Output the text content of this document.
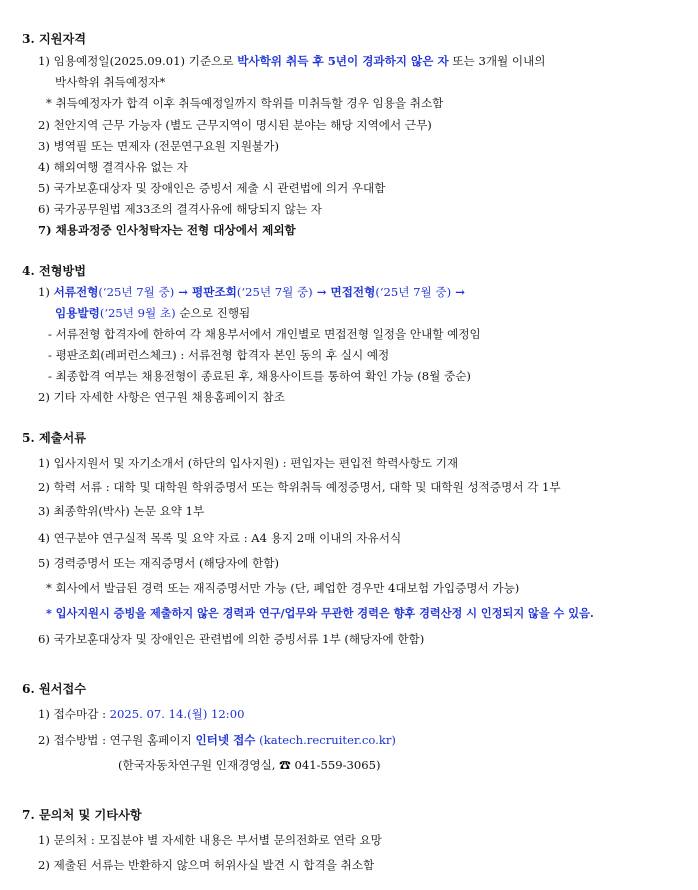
3. 지원자격
1) 임용예정일(2025.09.01) 기준으로 박사학위 취득 후 5년이 경과하지 않은 자 또는 3개월 이내의
박사학위 취득예정자*
* 취득예정자가 합격 이후 취득예정일까지 학위를 미취득할 경우 임용을 취소함
2) 천안지역 근무 가능자 (별도 근무지역이 명시된 분야는 해당 지역에서 근무)
3) 병역필 또는 면제자 (전문연구요원 지원불가)
4) 해외여행 결격사유 없는 자
5) 국가보훈대상자 및 장애인은 증빙서 제출 시 관련법에 의거 우대함
6) 국가공무원법 제33조의 결격사유에 해당되지 않는 자
7) 채용과정중 인사청탁자는 전형 대상에서 제외함
4. 전형방법
1) 서류전형(‘25년 7월 중) → 평판조회(‘25년 7월 중) → 면접전형(‘25년 7월 중) →
임용발령(‘25년 9월 초) 순으로 진행됨
- 서류전형 합격자에 한하여 각 채용부서에서 개인별로 면접전형 일정을 안내할 예정임
- 평판조회(레퍼런스체크) : 서류전형 합격자 본인 동의 후 실시 예정
- 최종합격 여부는 채용전형이 종료된 후, 채용사이트를 통하여 확인 가능 (8월 중순)
2) 기타 자세한 사항은 연구원 채용홈페이지 참조
5. 제출서류
1) 입사지원서 및 자기소개서 (하단의 입사지원) : 편입자는 편입전 학력사항도 기재
2) 학력 서류 : 대학 및 대학원 학위증명서 또는 학위취득 예정증명서, 대학 및 대학원 성적증명서 각 1부
3) 최종학위(박사) 논문 요약 1부
4) 연구분야 연구실적 목록 및 요약 자료 : A4 용지 2매 이내의 자유서식
5) 경력증명서 또는 재직증명서 (해당자에 한함)
* 회사에서 발급된 경력 또는 재직증명서만 가능 (단, 폐업한 경우만 4대보험 가입증명서 가능)
* 입사지원시 증빙을 제출하지 않은 경력과 연구/업무와 무관한 경력은 향후 경력산정 시 인정되지 않을 수 있음.
6) 국가보훈대상자 및 장애인은 관련법에 의한 증빙서류 1부 (해당자에 한함)
6. 원서접수
1) 접수마감 : 2025. 07. 14.(월) 12:00
2) 접수방법 : 연구원 홈페이지 인터넷 접수 (katech.recruiter.co.kr)
(한국자동차연구원 인재경영실, ☎ 041-559-3065)
7. 문의처 및 기타사항
1) 문의처 : 모집분야 별 자세한 내용은 부서별 문의전화로 연락 요망
2) 제출된 서류는 반환하지 않으며 허위사실 발견 시 합격을 취소함
